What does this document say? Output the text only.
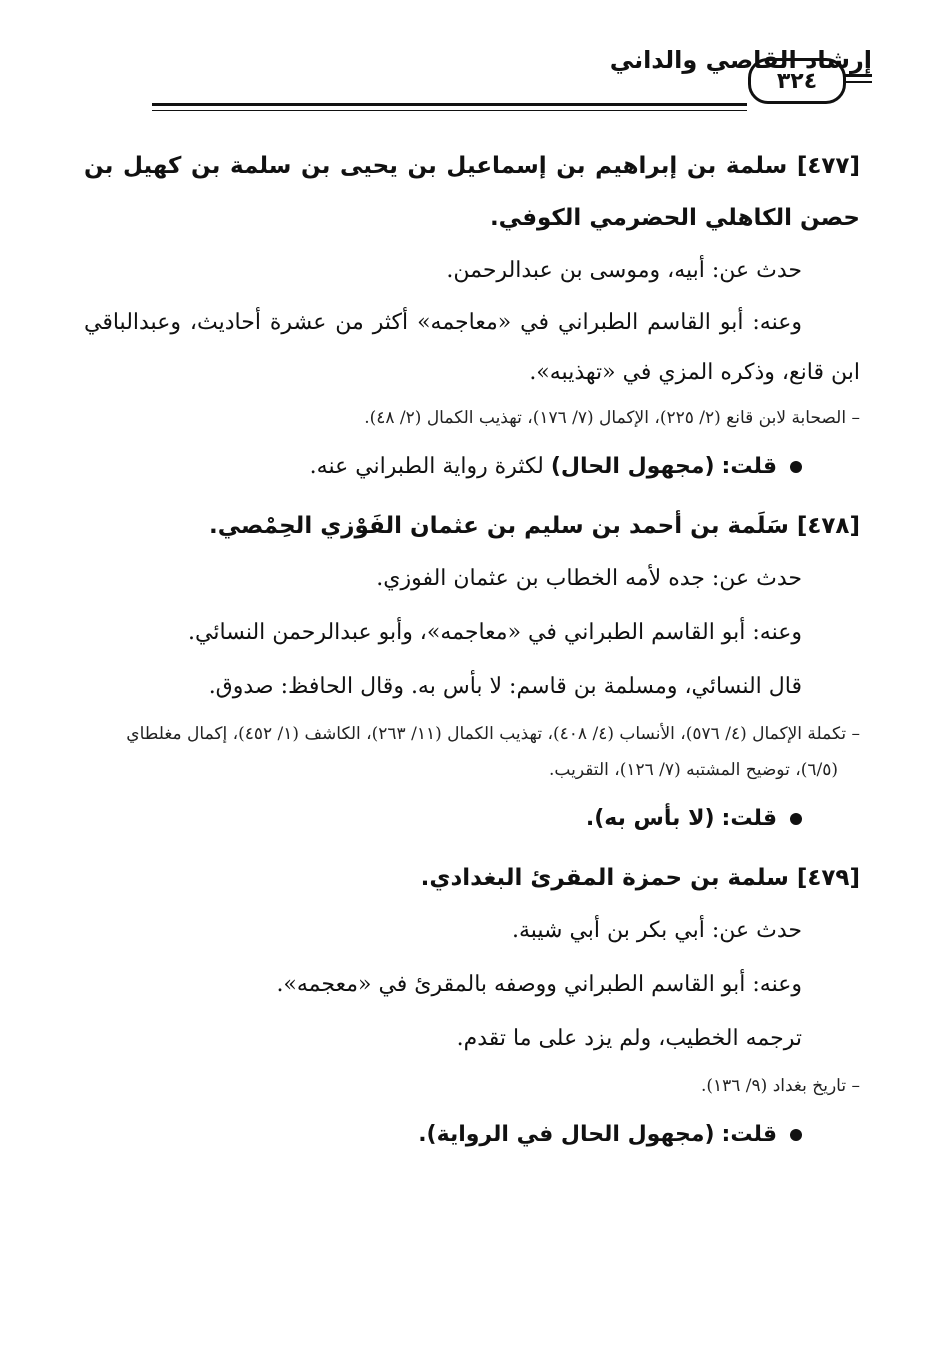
٣٢٤
إرشاد القاصي والداني

[٤٧٧] سلمة بن إبراهيم بن إسماعيل بن يحيى بن سلمة بن كهيل بن حصن الكاهلي الحضرمي الكوفي.

حدث عن: أبيه، وموسى بن عبدالرحمن.

وعنه: أبو القاسم الطبراني في «معاجمه» أكثر من عشرة أحاديث، وعبدالباقي ابن قانع، وذكره المزي في «تهذيبه».

– الصحابة لابن قانع (٢/ ٢٢٥)، الإكمال (٧/ ١٧٦)، تهذيب الكمال (٢/ ٤٨).

قلت: (مجهول الحال) لكثرة رواية الطبراني عنه.

[٤٧٨] سَلَمة بن أحمد بن سليم بن عثمان الفَوْزي الحِمْصي.

حدث عن: جده لأمه الخطاب بن عثمان الفوزي.

وعنه: أبو القاسم الطبراني في «معاجمه»، وأبو عبدالرحمن النسائي.

قال النسائي، ومسلمة بن قاسم: لا بأس به. وقال الحافظ: صدوق.

– تكملة الإكمال (٤/ ٥٧٦)، الأنساب (٤/ ٤٠٨)، تهذيب الكمال (١١/ ٢٦٣)، الكاشف (١/ ٤٥٢)، إكمال مغلطاي (٦/٥)، توضيح المشتبه (٧/ ١٢٦)، التقريب.

قلت: (لا بأس به).

[٤٧٩] سلمة بن حمزة المقرئ البغدادي.

حدث عن: أبي بكر بن أبي شيبة.

وعنه: أبو القاسم الطبراني ووصفه بالمقرئ في «معجمه».

ترجمه الخطيب، ولم يزد على ما تقدم.

– تاريخ بغداد (٩/ ١٣٦).

قلت: (مجهول الحال في الرواية).
